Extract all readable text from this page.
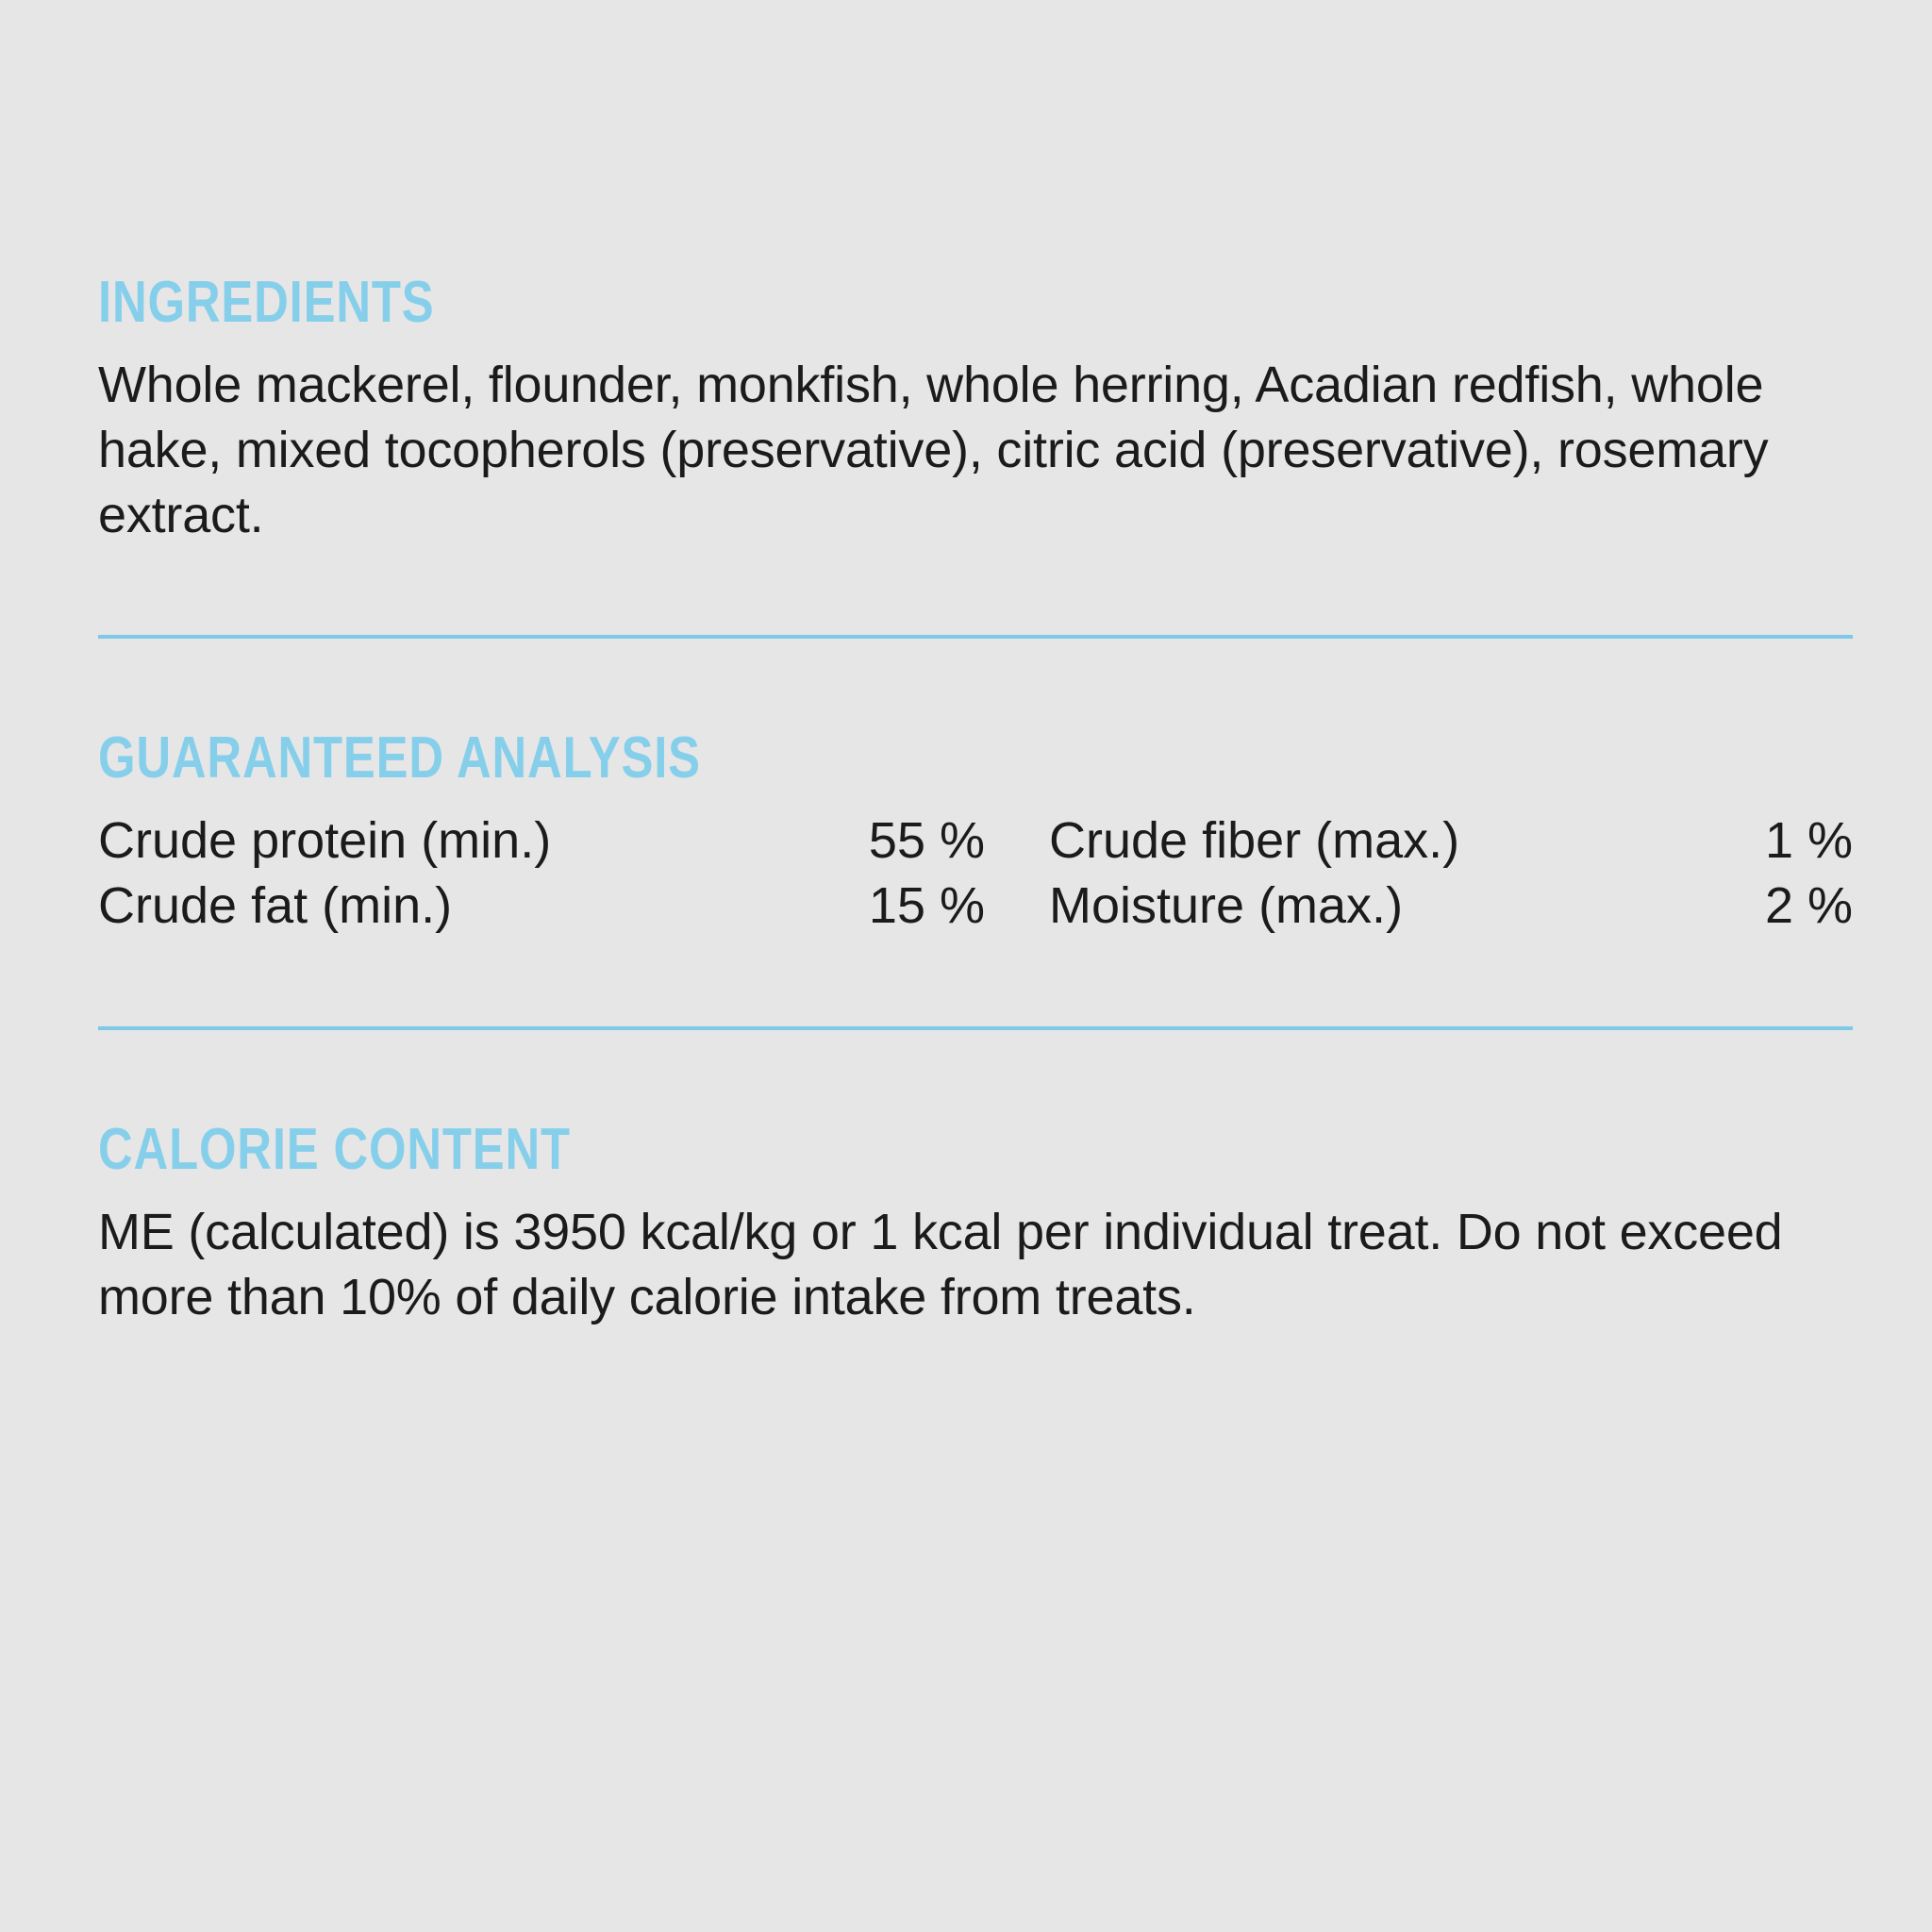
INGREDIENTS

Whole mackerel, flounder, monkfish, whole herring, Acadian redfish, whole hake, mixed tocopherols (preservative), citric acid (preservative), rosemary extract.

GUARANTEED ANALYSIS
Crude protein (min.)	55 %	Crude fiber (max.)	1 %
Crude fat (min.)	15 %	Moisture (max.)	2 %
CALORIE CONTENT

ME (calculated) is 3950 kcal/kg or 1 kcal per individual treat. Do not exceed more than 10% of daily calorie intake from treats.
